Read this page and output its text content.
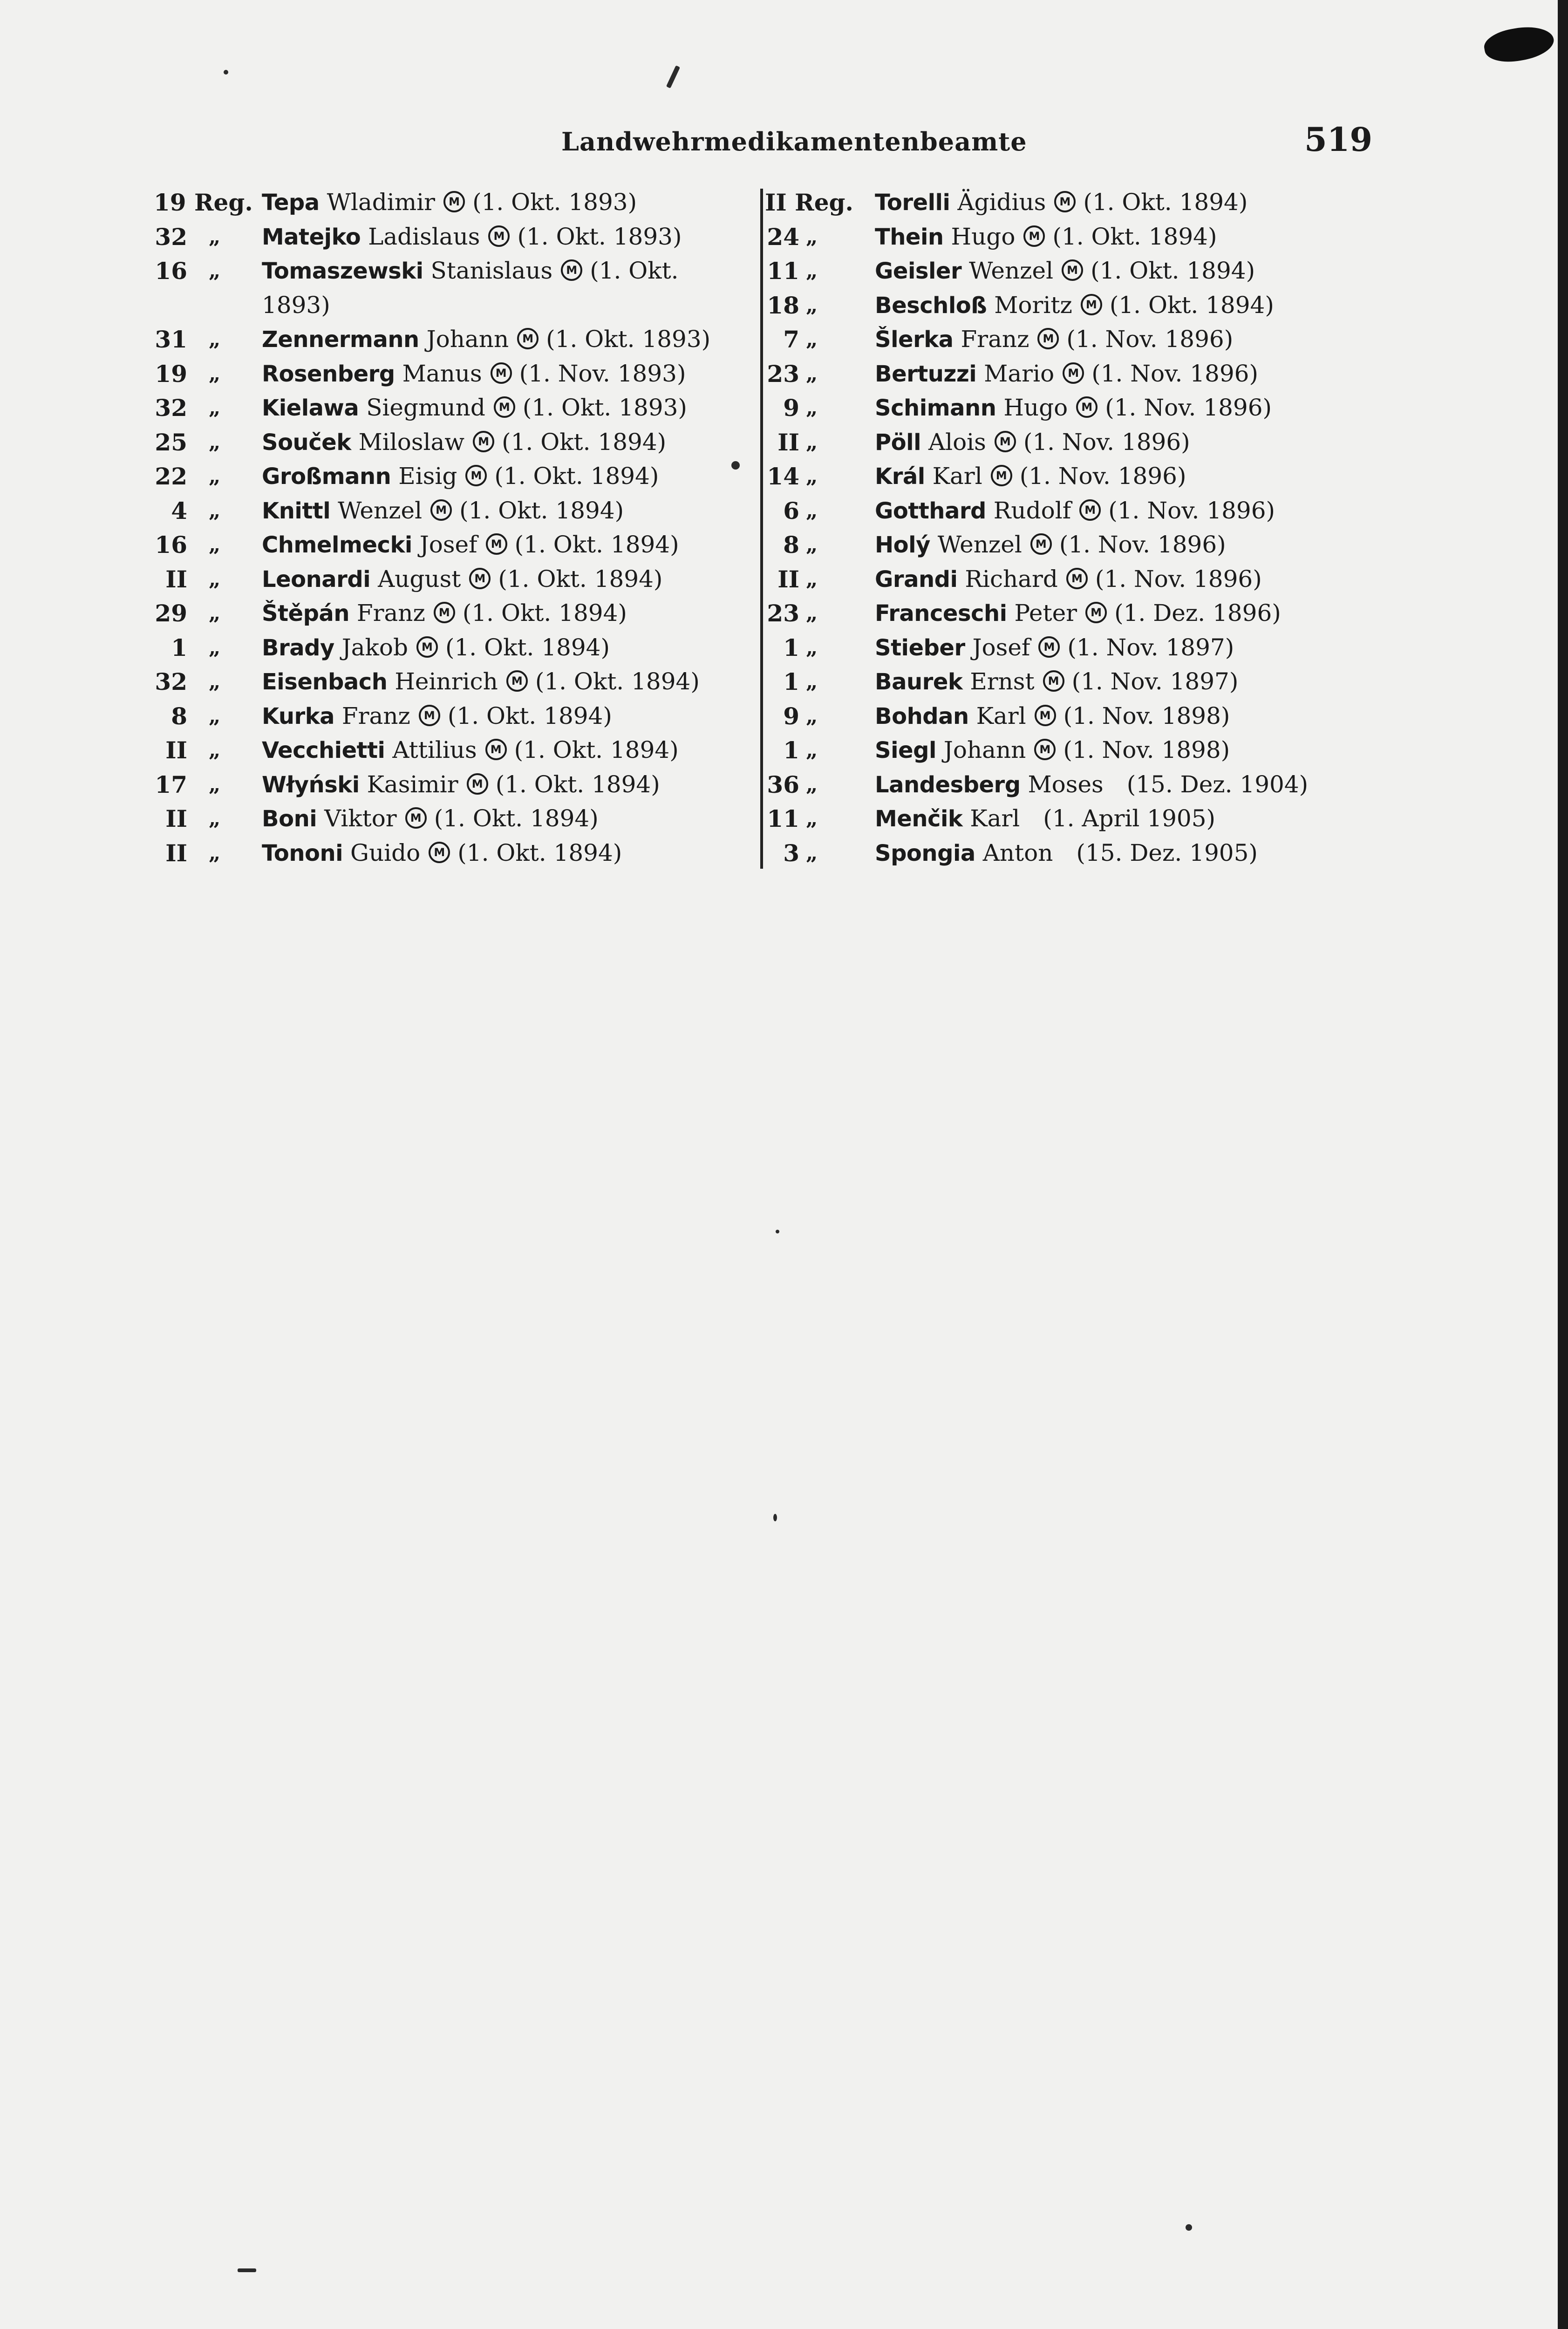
Landwehrmedikamentenbeamte	519
19 Reg. Tepa Wladimir M (1. Okt. 1893)
32 „ Matejko Ladislaus M (1. Okt. 1893)
16 „ Tomaszewski Stanislaus M (1. Okt.
1893)
31 „ Zennermann Johann M (1. Okt. 1893)
19 „ Rosenberg Manus M (1. Nov. 1893)
32 „ Kielawa Siegmund M (1. Okt. 1893)
25 „ Souček Miloslaw M (1. Okt. 1894)
22 „ Großmann Eisig M (1. Okt. 1894)
4 „ Knittl Wenzel M (1. Okt. 1894)
16 „ Chmelmecki Josef M (1. Okt. 1894)
II „ Leonardi August M (1. Okt. 1894)
29 „ Štěpán Franz M (1. Okt. 1894)
1 „ Brady Jakob M (1. Okt. 1894)
32 „ Eisenbach Heinrich M (1. Okt. 1894)
8 „ Kurka Franz M (1. Okt. 1894)
II „ Vecchietti Attilius M (1. Okt. 1894)
17 „ Włyński Kasimir M (1. Okt. 1894)
II „ Boni Viktor M (1. Okt. 1894)
II „ Tononi Guido M (1. Okt. 1894)
II Reg. Torelli Ägidius M (1. Okt. 1894)
24 „	Thein Hugo M (1. Okt. 1894)
11 „	Geisler Wenzel M (1. Okt. 1894)
18 „	Beschloß Moritz M (1. Okt. 1894)
7 „	Šlerka Franz M (1. Nov. 1896)
23 „	Bertuzzi Mario M (1. Nov. 1896)
9 „	Schimann Hugo M (1. Nov. 1896)
II „	Pöll Alois M (1. Nov. 1896)
14 „	Král Karl M (1. Nov. 1896)
6 „	Gotthard Rudolf M (1. Nov. 1896)
8 „	Holý Wenzel M (1. Nov. 1896)
II „	Grandi Richard M (1. Nov. 1896)
23 „	Franceschi Peter M (1. Dez. 1896)
1 „	Stieber Josef M (1. Nov. 1897)
1 „	Baurek Ernst M (1. Nov. 1897)
9 „	Bohdan Karl M (1. Nov. 1898)
1 „	Siegl Johann M (1. Nov. 1898)
36 „	Landesberg Moses  (15. Dez. 1904)
11 „	Menčik Karl  (1. April 1905)
3 „	Spongia Anton  (15. Dez. 1905)
